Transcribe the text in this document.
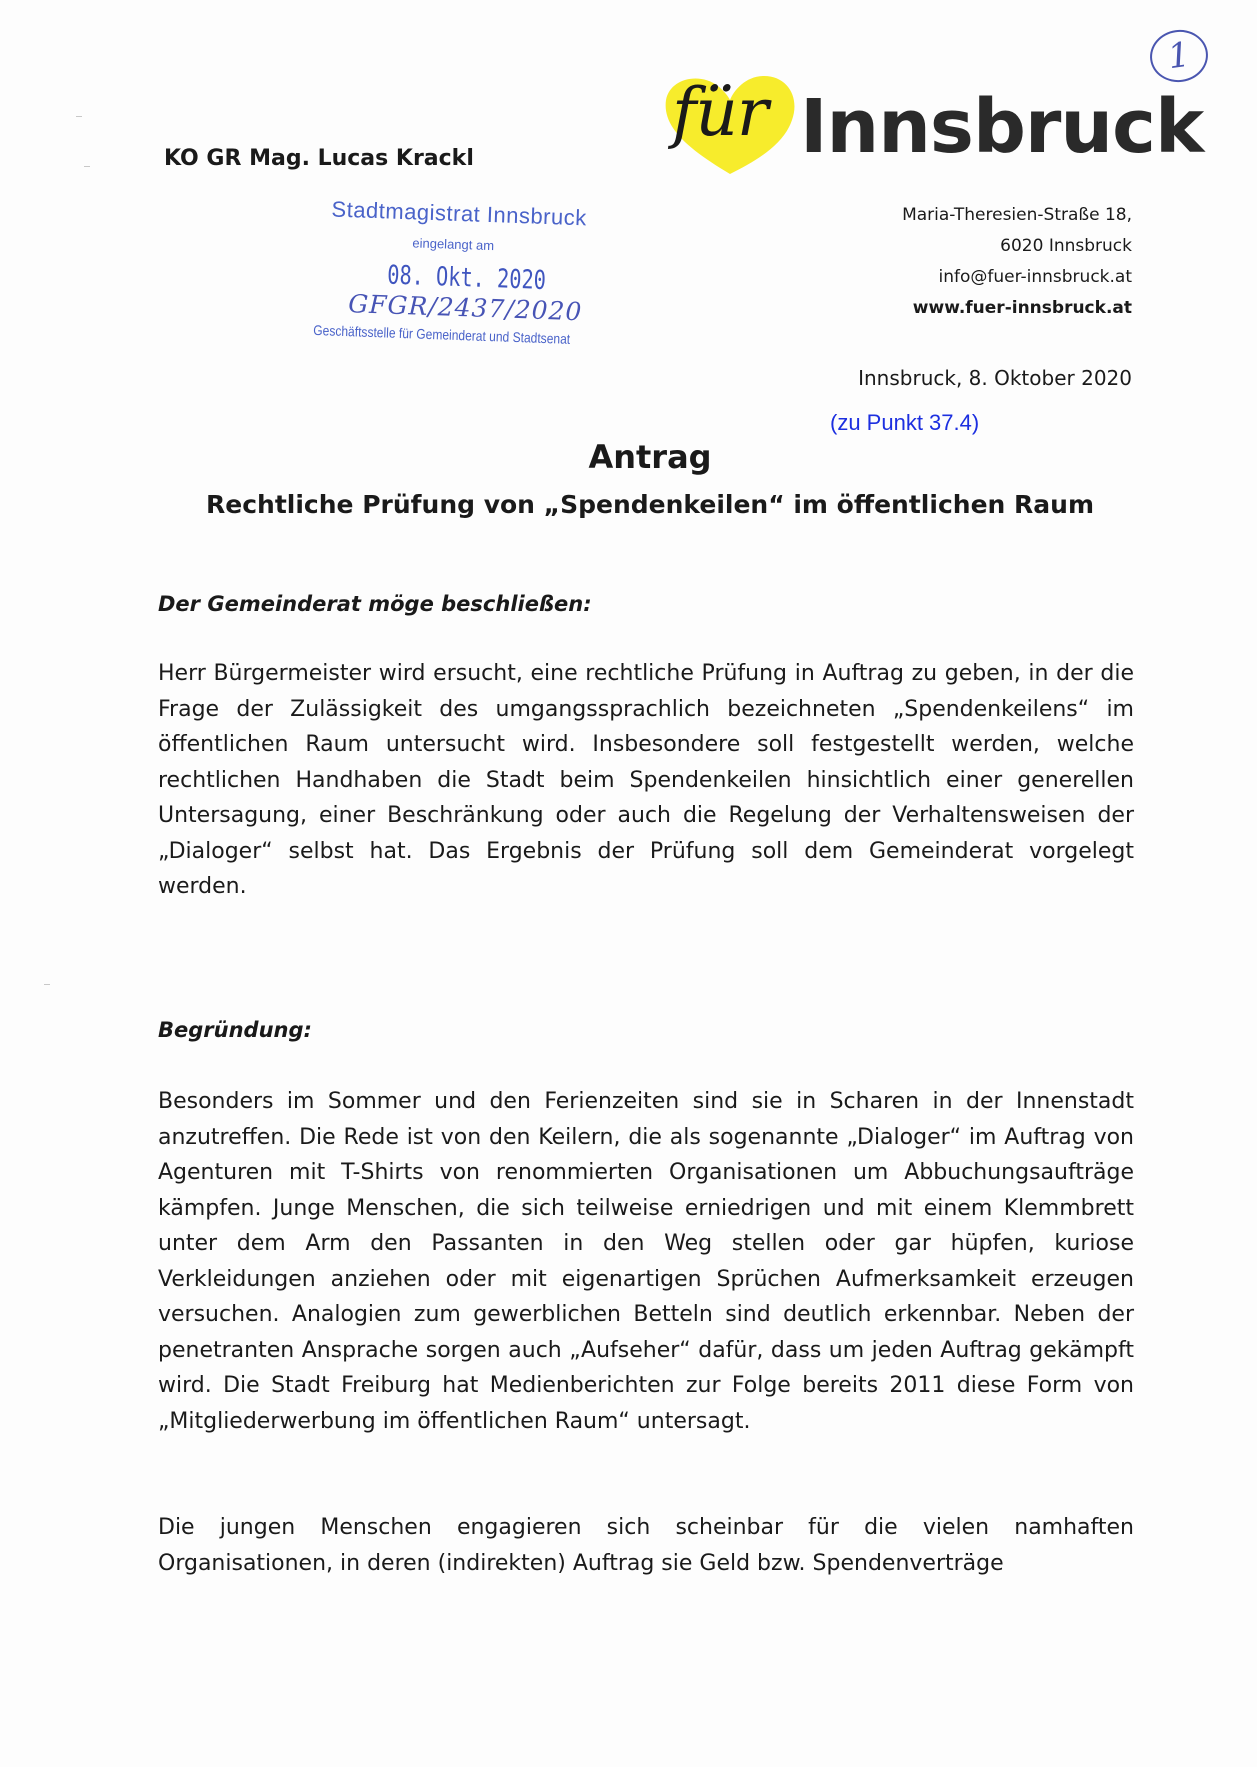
1
für Innsbruck
KO GR Mag. Lucas Krackl
Stadtmagistrat Innsbruck
eingelangt am
08. Okt. 2020
GFGR/2437/2020
Geschäftsstelle für Gemeinderat und Stadtsenat
Maria-Theresien-Straße 18,
6020 Innsbruck
info@fuer-innsbruck.at
www.fuer-innsbruck.at
Innsbruck, 8. Oktober 2020
(zu Punkt 37.4)
Antrag
Rechtliche Prüfung von „Spendenkeilen“ im öffentlichen Raum
Der Gemeinderat möge beschließen:
Herr Bürgermeister wird ersucht, eine rechtliche Prüfung in Auftrag zu geben, in der die Frage der Zulässigkeit des umgangssprachlich bezeichneten „Spendenkeilens“ im öffentlichen Raum untersucht wird. Insbesondere soll festgestellt werden, welche rechtlichen Handhaben die Stadt beim Spendenkeilen hinsichtlich einer generellen Untersagung, einer Beschränkung oder auch die Regelung der Verhaltensweisen der „Dialoger“ selbst hat. Das Ergebnis der Prüfung soll dem Gemeinderat vorgelegt werden.
Begründung:
Besonders im Sommer und den Ferienzeiten sind sie in Scharen in der Innenstadt anzutreffen. Die Rede ist von den Keilern, die als sogenannte „Dialoger“ im Auftrag von Agenturen mit T-Shirts von renommierten Organisationen um Abbuchungsaufträge kämpfen. Junge Menschen, die sich teilweise erniedrigen und mit einem Klemmbrett unter dem Arm den Passanten in den Weg stellen oder gar hüpfen, kuriose Verkleidungen anziehen oder mit eigenartigen Sprüchen Aufmerksamkeit erzeugen versuchen. Analogien zum gewerblichen Betteln sind deutlich erkennbar. Neben der penetranten Ansprache sorgen auch „Aufseher“ dafür, dass um jeden Auftrag gekämpft wird. Die Stadt Freiburg hat Medienberichten zur Folge bereits 2011 diese Form von „Mitgliederwerbung im öffentlichen Raum“ untersagt.
Die jungen Menschen engagieren sich scheinbar für die vielen namhaften Organisationen, in deren (indirekten) Auftrag sie Geld bzw. Spendenverträge
